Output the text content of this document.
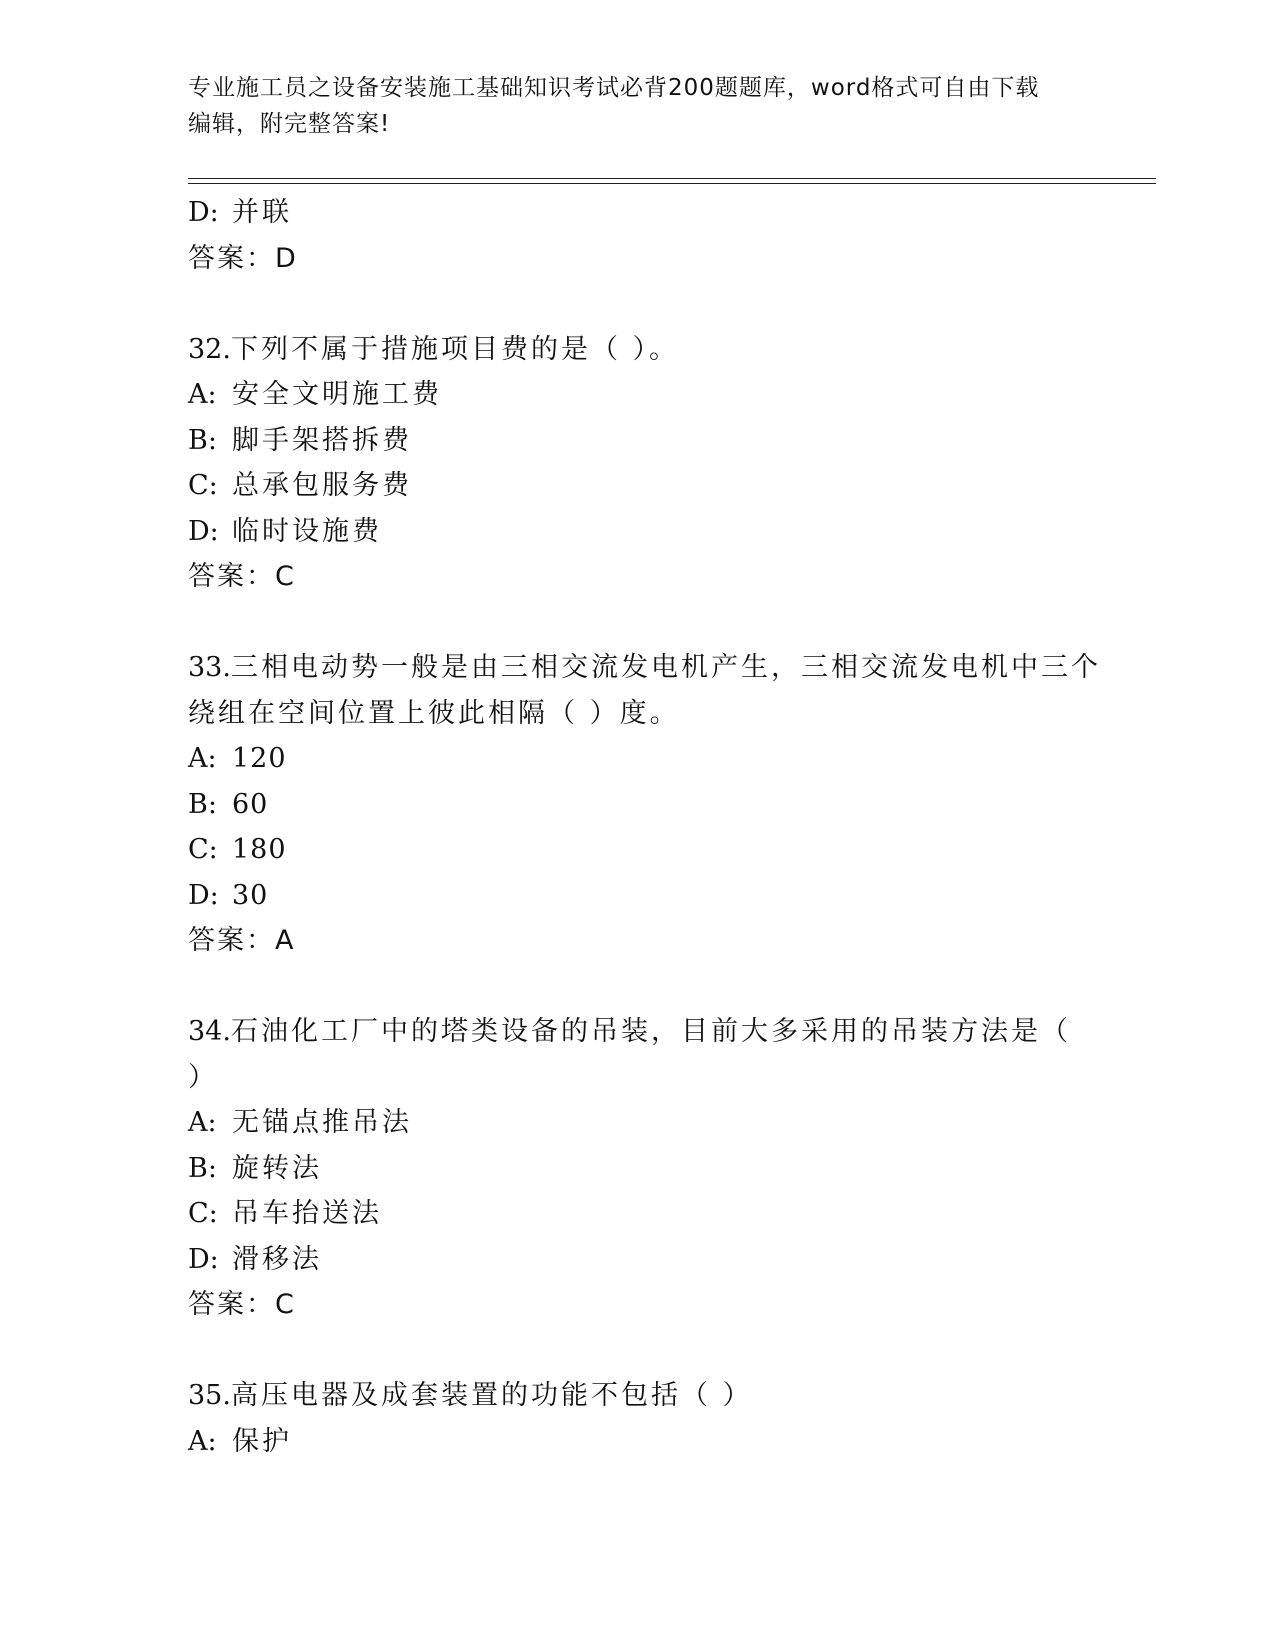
专业施工员之设备安装施工基础知识考试必背200题题库，word格式可自由下载
编辑，附完整答案!
D: 并联
答案：D
32.下列不属于措施项目费的是（ ）。
A: 安全文明施工费
B: 脚手架搭拆费
C: 总承包服务费
D: 临时设施费
答案：C
33.三相电动势一般是由三相交流发电机产生，三相交流发电机中三个
绕组在空间位置上彼此相隔（ ）度。
A: 120
B: 60
C: 180
D: 30
答案：A
34.石油化工厂中的塔类设备的吊装，目前大多采用的吊装方法是（
）
A: 无锚点推吊法
B: 旋转法
C: 吊车抬送法
D: 滑移法
答案：C
35.高压电器及成套装置的功能不包括（ ）
A: 保护
